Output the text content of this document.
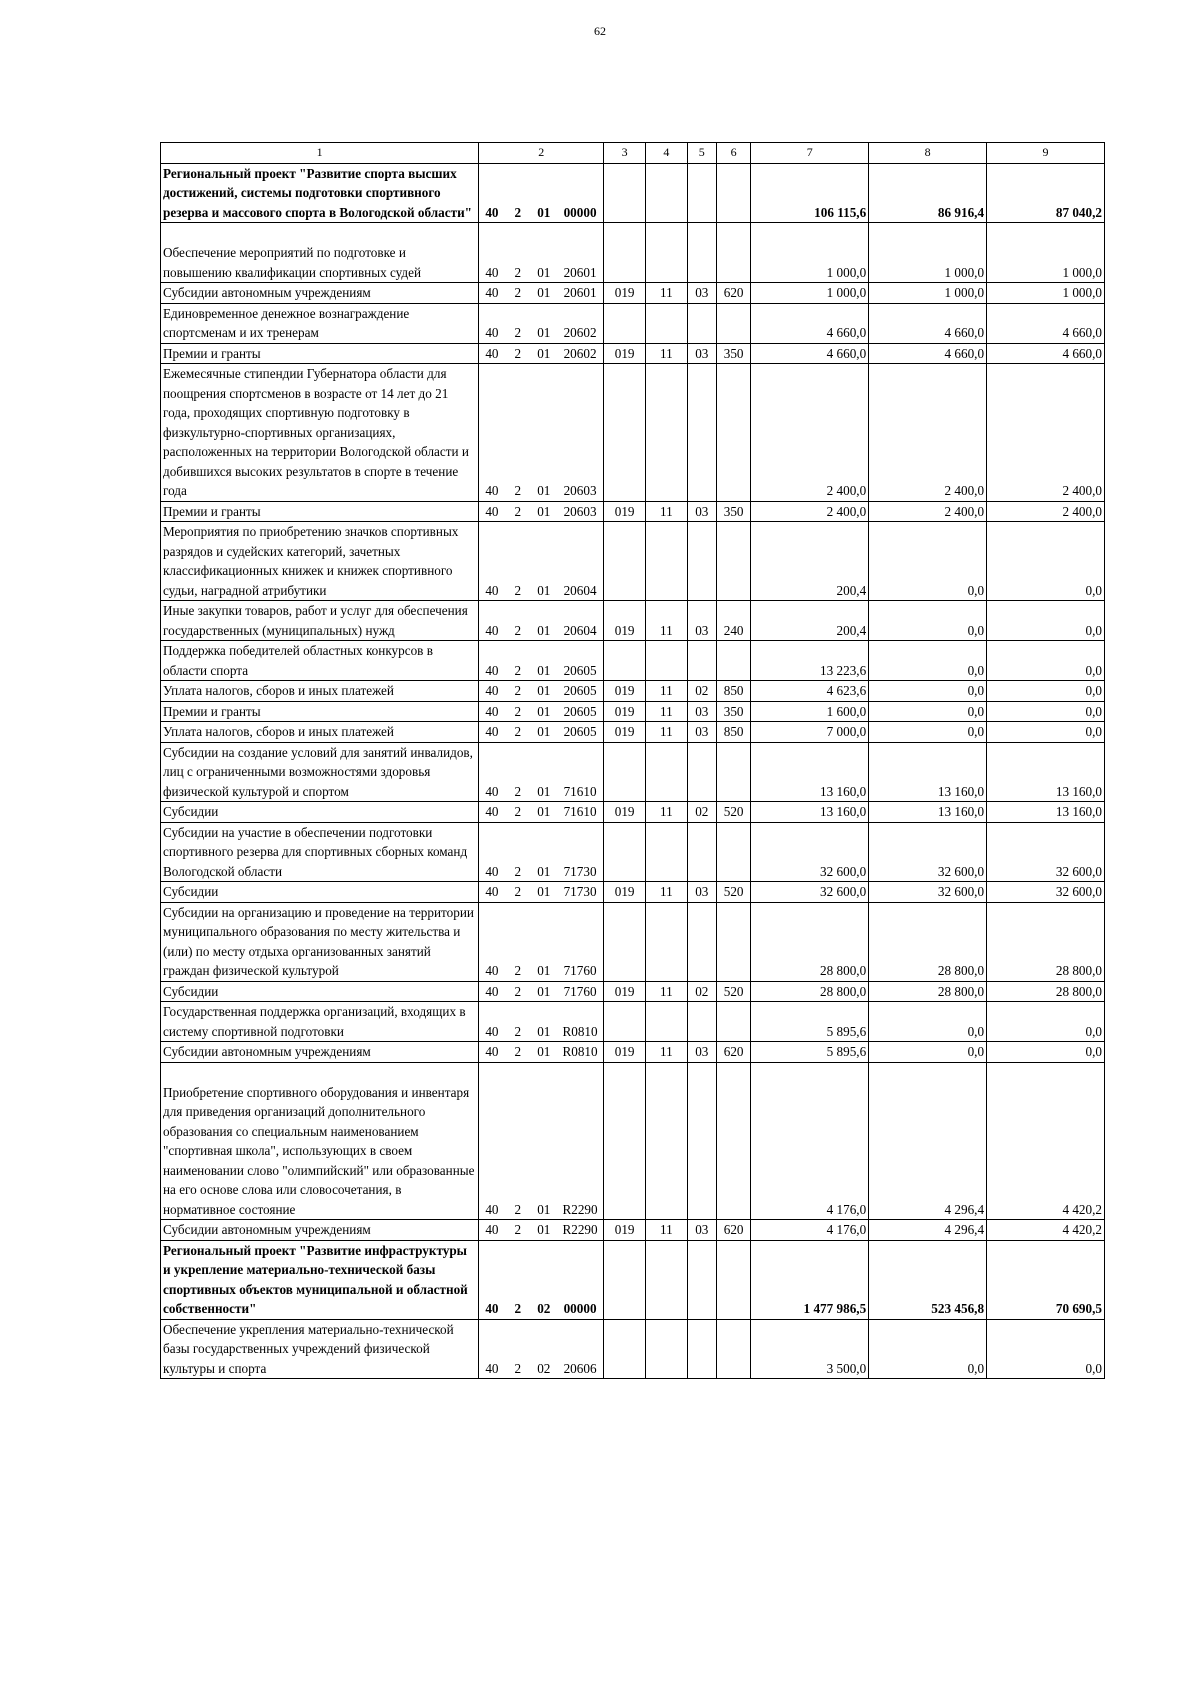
62
1	2				3	4	5	6	7	8	9
Региональный проект "Развитие спорта высших достижений, системы подготовки спортивного резерва и массового спорта в Вологодской области"	40	2	01	00000					106 115,6	86 916,4	87 040,2
Обеспечение мероприятий по подготовке и повышению квалификации спортивных судей	40	2	01	20601					1 000,0	1 000,0	1 000,0
Субсидии автономным учреждениям	40	2	01	20601	019	11	03	620	1 000,0	1 000,0	1 000,0
Единовременное денежное вознаграждение спортсменам и их тренерам	40	2	01	20602					4 660,0	4 660,0	4 660,0
Премии и гранты	40	2	01	20602	019	11	03	350	4 660,0	4 660,0	4 660,0
Ежемесячные стипендии Губернатора области для поощрения спортсменов в возрасте от 14 лет до 21 года, проходящих спортивную подготовку в физкультурно-спортивных организациях, расположенных на территории Вологодской области и добившихся высоких результатов в спорте в течение года	40	2	01	20603					2 400,0	2 400,0	2 400,0
Премии и гранты	40	2	01	20603	019	11	03	350	2 400,0	2 400,0	2 400,0
Мероприятия по приобретению значков спортивных разрядов и судейских категорий, зачетных классификационных книжек и книжек спортивного судьи, наградной атрибутики	40	2	01	20604					200,4	0,0	0,0
Иные закупки товаров, работ и услуг для обеспечения государственных (муниципальных) нужд	40	2	01	20604	019	11	03	240	200,4	0,0	0,0
Поддержка победителей областных конкурсов в области спорта	40	2	01	20605					13 223,6	0,0	0,0
Уплата налогов, сборов и иных платежей	40	2	01	20605	019	11	02	850	4 623,6	0,0	0,0
Премии и гранты	40	2	01	20605	019	11	03	350	1 600,0	0,0	0,0
Уплата налогов, сборов и иных платежей	40	2	01	20605	019	11	03	850	7 000,0	0,0	0,0
Субсидии на создание условий для занятий инвалидов, лиц с ограниченными возможностями здоровья физической культурой и спортом	40	2	01	71610					13 160,0	13 160,0	13 160,0
Субсидии	40	2	01	71610	019	11	02	520	13 160,0	13 160,0	13 160,0
Субсидии на участие в обеспечении подготовки спортивного резерва для спортивных сборных команд Вологодской области	40	2	01	71730					32 600,0	32 600,0	32 600,0
Субсидии	40	2	01	71730	019	11	03	520	32 600,0	32 600,0	32 600,0
Субсидии на организацию и проведение на территории муниципального образования по месту жительства и (или) по месту отдыха организованных занятий граждан физической культурой	40	2	01	71760					28 800,0	28 800,0	28 800,0
Субсидии	40	2	01	71760	019	11	02	520	28 800,0	28 800,0	28 800,0
Государственная поддержка организаций, входящих в систему спортивной подготовки	40	2	01	R0810					5 895,6	0,0	0,0
Субсидии автономным учреждениям	40	2	01	R0810	019	11	03	620	5 895,6	0,0	0,0
Приобретение спортивного оборудования и инвентаря для приведения организаций дополнительного образования со специальным наименованием "спортивная школа", использующих в своем наименовании слово "олимпийский" или образованные на его основе слова или словосочетания, в нормативное состояние	40	2	01	R2290					4 176,0	4 296,4	4 420,2
Субсидии автономным учреждениям	40	2	01	R2290	019	11	03	620	4 176,0	4 296,4	4 420,2
Региональный проект "Развитие инфраструктуры и укрепление материально-технической базы спортивных объектов муниципальной и областной собственности"	40	2	02	00000					1 477 986,5	523 456,8	70 690,5
Обеспечение укрепления материально-технической базы государственных учреждений физической культуры и спорта	40	2	02	20606					3 500,0	0,0	0,0
